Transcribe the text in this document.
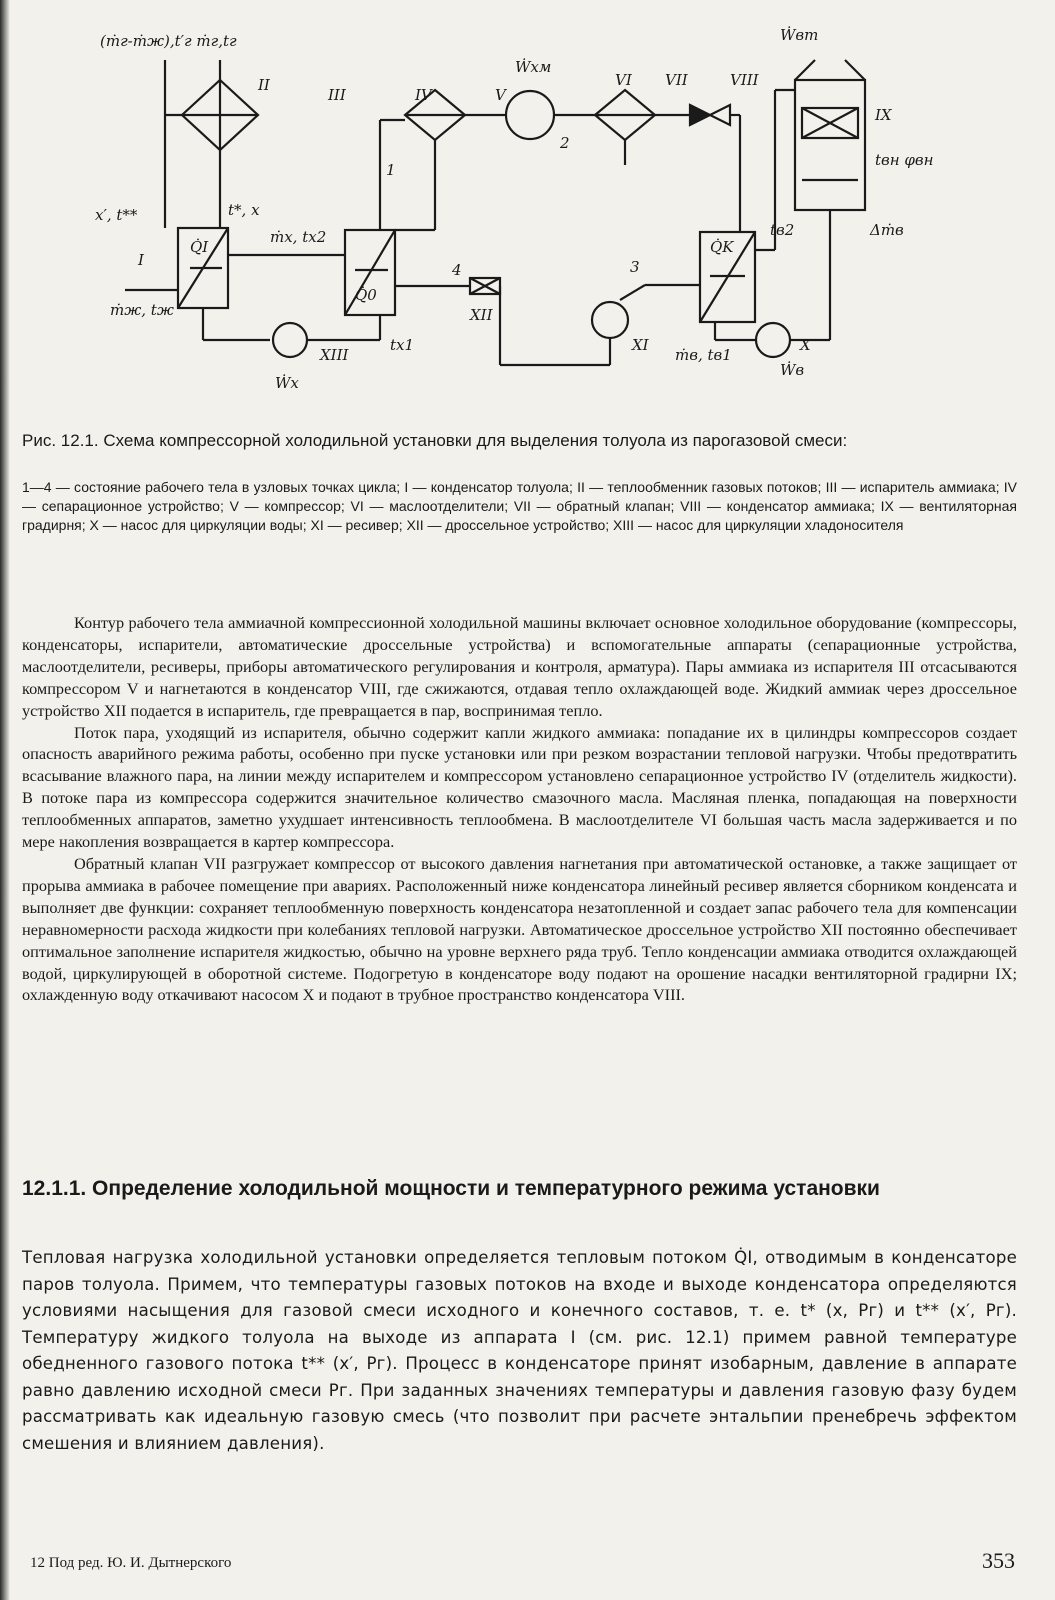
(ṁг-ṁж),t′г ṁг,tг	Ẇвт
Ẇхм
1
2
3
4
II
III	IV	V
VI VII	VIII
IX
I
X
XI
XII
XIII
Q̇I
Q̇0
Q̇K
x′, t**	t*, x
ṁx, tx2
tx1
ṁж, tж
Ẇx
tв2
ṁв, tв1
Ẇв
tвн φвн
Δṁв
Рис. 12.1. Схема компрессорной холодильной установки для выделения толуола из парогазовой смеси:
1—4 — состояние рабочего тела в узловых точках цикла; I — конденсатор толуола; II — теплообменник газовых потоков; III — испаритель аммиака; IV — сепарационное устройство; V — компрессор; VI — маслоотделители; VII — обратный клапан; VIII — конденсатор аммиака; IX — вентиляторная градирня; X — насос для циркуляции воды; XI — ресивер; XII — дроссельное устройство; XIII — насос для циркуляции хладоносителя

Контур рабочего тела аммиачной компрессионной холодильной машины включает основное холодильное оборудование (компрессоры, конденсаторы, испарители, автоматические дроссельные устройства) и вспомогательные аппараты (сепарационные устройства, маслоотделители, ресиверы, приборы автоматического регулирования и контроля, арматура). Пары аммиака из испарителя III отсасываются компрессором V и нагнетаются в конденсатор VIII, где сжижаются, отдавая тепло охлаждающей воде. Жидкий аммиак через дроссельное устройство XII подается в испаритель, где превращается в пар, воспринимая тепло.

Поток пара, уходящий из испарителя, обычно содержит капли жидкого аммиака: попадание их в цилиндры компрессоров создает опасность аварийного режима работы, особенно при пуске установки или при резком возрастании тепловой нагрузки. Чтобы предотвратить всасывание влажного пара, на линии между испарителем и компрессором установлено сепарационное устройство IV (отделитель жидкости). В потоке пара из компрессора содержится значительное количество смазочного масла. Масляная пленка, попадающая на поверхности теплообменных аппаратов, заметно ухудшает интенсивность теплообмена. В маслоотделителе VI большая часть масла задерживается и по мере накопления возвращается в картер компрессора.

Обратный клапан VII разгружает компрессор от высокого давления нагнетания при автоматической остановке, а также защищает от прорыва аммиака в рабочее помещение при авариях. Расположенный ниже конденсатора линейный ресивер является сборником конденсата и выполняет две функции: сохраняет теплообменную поверхность конденсатора незатопленной и создает запас рабочего тела для компенсации неравномерности расхода жидкости при колебаниях тепловой нагрузки. Автоматическое дроссельное устройство XII постоянно обеспечивает оптимальное заполнение испарителя жидкостью, обычно на уровне верхнего ряда труб. Тепло конденсации аммиака отводится охлаждающей водой, циркулирующей в оборотной системе. Подогретую в конденсаторе воду подают на орошение насадки вентиляторной градирни IX; охлажденную воду откачивают насосом X и подают в трубное пространство конденсатора VIII.

12.1.1. Определение холодильной мощности и температурного режима установки

Тепловая нагрузка холодильной установки определяется тепловым потоком Q̇I, отводимым в конденсаторе паров толуола. Примем, что температуры газовых потоков на входе и выходе конденсатора определяются условиями насыщения для газовой смеси исходного и конечного составов, т. е. t* (x, Pг) и t** (x′, Pг). Температуру жидкого толуола на выходе из аппарата I (см. рис. 12.1) примем равной температуре обедненного газового потока t** (x′, Pг). Процесс в конденсаторе принят изобарным, давление в аппарате равно давлению исходной смеси Pг. При заданных значениях температуры и давления газовую фазу будем рассматривать как идеальную газовую смесь (что позволит при расчете энтальпии пренебречь эффектом смешения и влиянием давления).

12 Под ред. Ю. И. Дытнерского	353
